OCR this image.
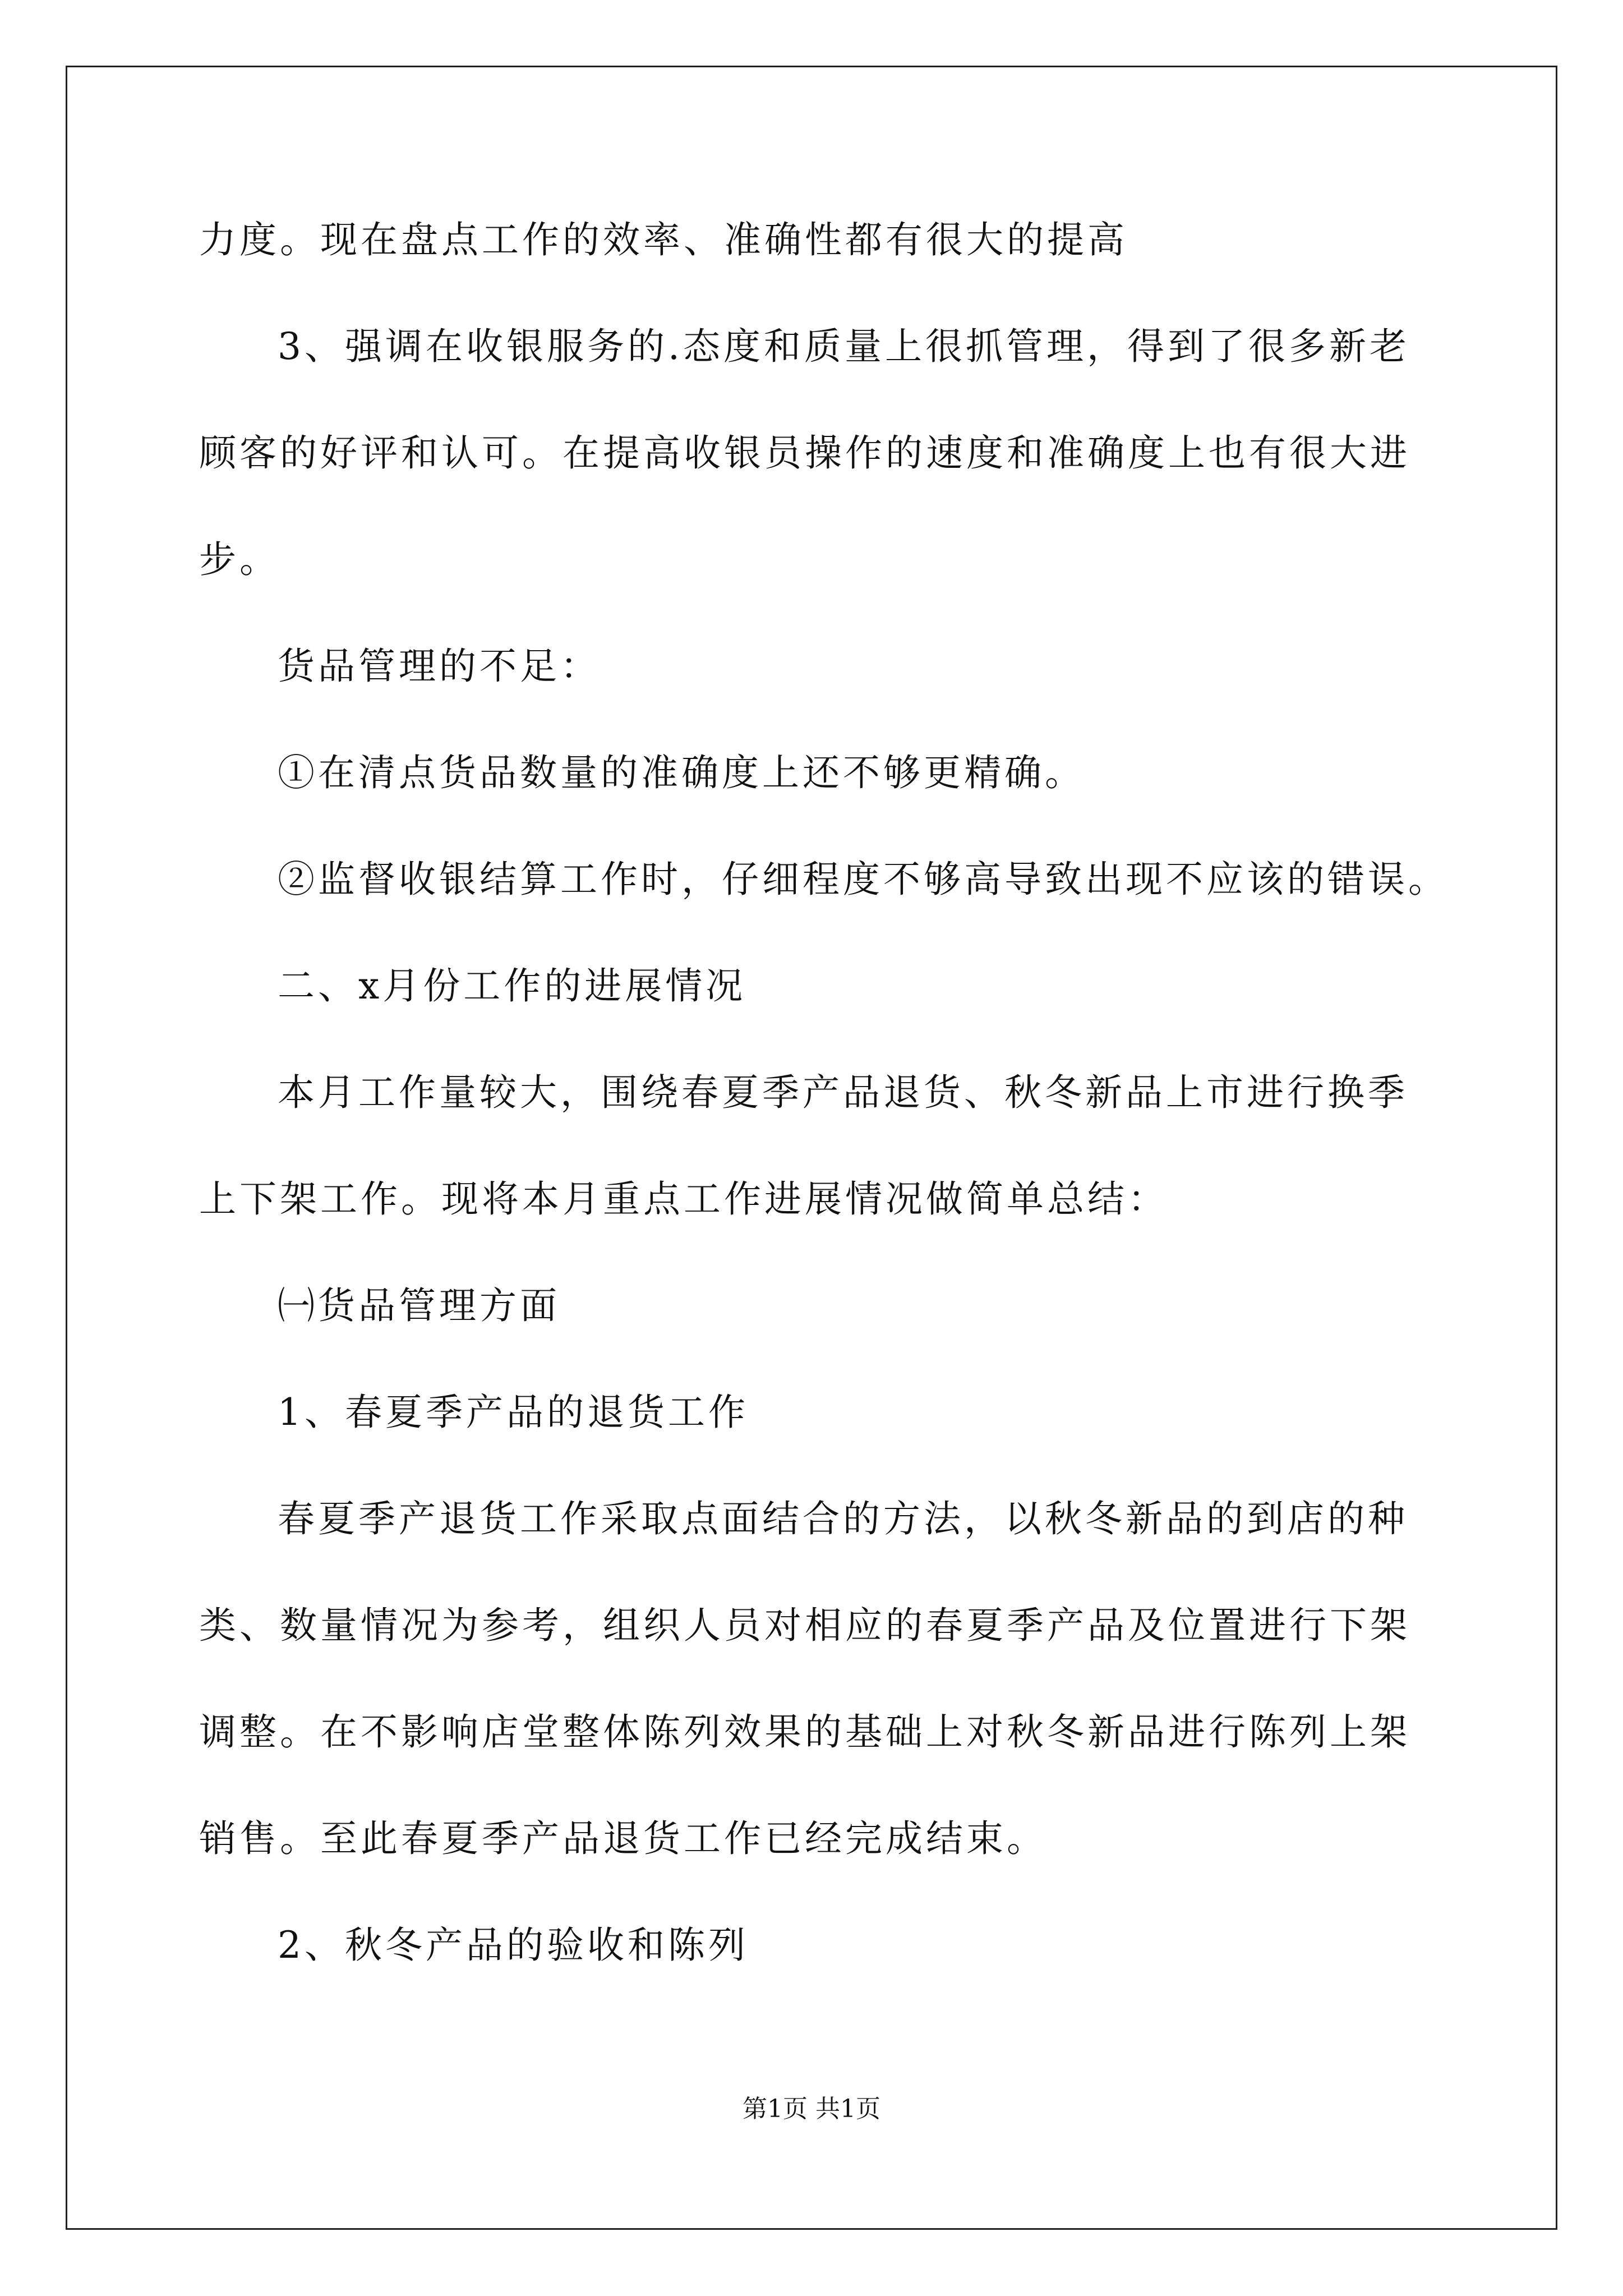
力度。现在盘点工作的效率、准确性都有很大的提高
3、强调在收银服务的.态度和质量上很抓管理，得到了很多新老
顾客的好评和认可。在提高收银员操作的速度和准确度上也有很大进
步。
货品管理的不足：
①在清点货品数量的准确度上还不够更精确。
②监督收银结算工作时，仔细程度不够高导致出现不应该的错误。
二、x月份工作的进展情况
本月工作量较大，围绕春夏季产品退货、秋冬新品上市进行换季
上下架工作。现将本月重点工作进展情况做简单总结：
㈠货品管理方面
1、春夏季产品的退货工作
春夏季产退货工作采取点面结合的方法，以秋冬新品的到店的种
类、数量情况为参考，组织人员对相应的春夏季产品及位置进行下架
调整。在不影响店堂整体陈列效果的基础上对秋冬新品进行陈列上架
销售。至此春夏季产品退货工作已经完成结束。
2、秋冬产品的验收和陈列
第1页 共1页
